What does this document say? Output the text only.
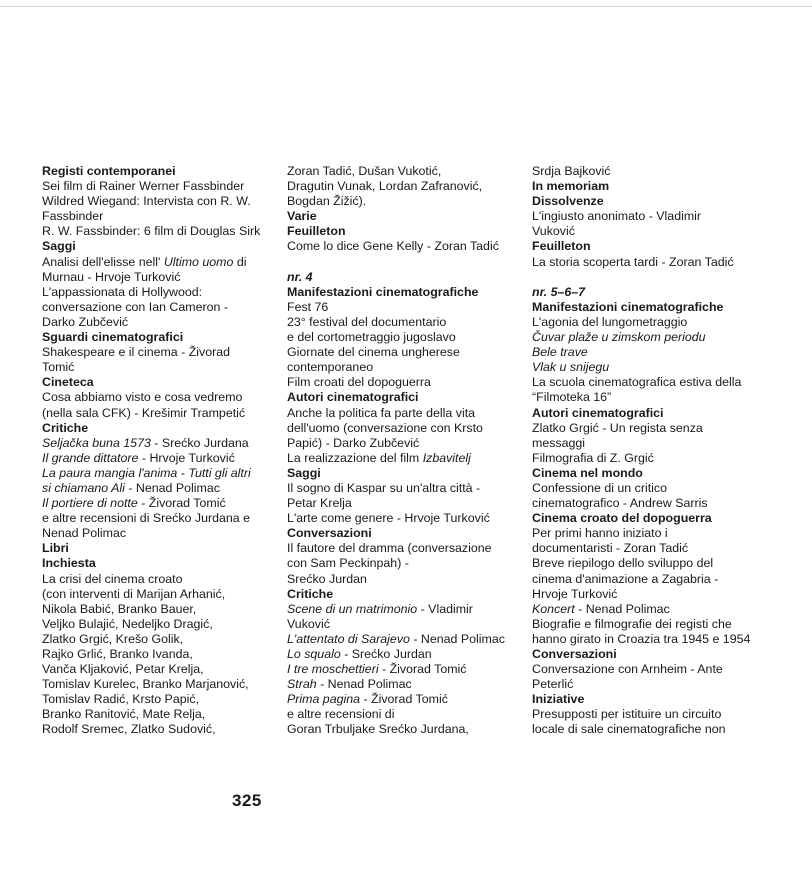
Registi contemporanei
Sei film di Rainer Werner Fassbinder
Wildred Wiegand: Intervista con R. W.
Fassbinder
R. W. Fassbinder: 6 film di Douglas Sirk
Saggi
Analisi dell'elisse nell' Ultimo uomo di
Murnau - Hrvoje Turković
L'appassionata di Hollywood:
conversazione con Ian Cameron -
Darko Zubčević
Sguardi cinematografici
Shakespeare e il cinema - Živorad
Tomić
Cineteca
Cosa abbiamo visto e cosa vedremo
(nella sala CFK) - Krešimir Trampetić
Critiche
Seljačka buna 1573 - Srećko Jurdana
Il grande dittatore - Hrvoje Turković
La paura mangia l'anima - Tutti gli altri
si chiamano Ali - Nenad Polimac
Il portiere di notte - Živorad Tomić
e altre recensioni di Srećko Jurdana e
Nenad Polimac
Libri
Inchiesta
La crisi del cinema croato
(con interventi di Marijan Arhanić,
Nikola Babić, Branko Bauer,
Veljko Bulajić, Nedeljko Dragić,
Zlatko Grgić, Krešo Golik,
Rajko Grlić, Branko Ivanda,
Vanča Kljaković, Petar Krelja,
Tomislav Kurelec, Branko Marjanović,
Tomislav Radić, Krsto Papić,
Branko Ranitović, Mate Relja,
Rodolf Sremec, Zlatko Sudović,
Zoran Tadić, Dušan Vukotić,
Dragutin Vunak, Lordan Zafranović,
Bogdan Žižić).
Varie
Feuilleton
Come lo dice Gene Kelly - Zoran Tadić
nr. 4
Manifestazioni cinematografiche
Fest 76
23° festival del documentario
e del cortometraggio jugoslavo
Giornate del cinema ungherese
contemporaneo
Film croati del dopoguerra
Autori cinematografici
Anche la politica fa parte della vita
dell'uomo (conversazione con Krsto
Papić) - Darko Zubčević
La realizzazione del film Izbavitelj
Saggi
Il sogno di Kaspar su un'altra città -
Petar Krelja
L'arte come genere - Hrvoje Turković
Conversazioni
Il fautore del dramma (conversazione
con Sam Peckinpah) -
Srećko Jurdan
Critiche
Scene di un matrimonio - Vladimir
Vuković
L'attentato di Sarajevo - Nenad Polimac
Lo squalo - Srećko Jurdan
I tre moschettieri - Živorad Tomić
Strah - Nenad Polimac
Prima pagina - Živorad Tomić
e altre recensioni di
Goran Trbuljake Srećko Jurdana,
Srdja Bajković
In memoriam
Dissolvenze
L'ingiusto anonimato - Vladimir
Vuković
Feuilleton
La storia scoperta tardi - Zoran Tadić
nr. 5–6–7
Manifestazioni cinematografiche
L'agonia del lungometraggio
Čuvar plaže u zimskom periodu
Bele trave
Vlak u snijegu
La scuola cinematografica estiva della
“Filmoteka 16”
Autori cinematografici
Zlatko Grgić - Un regista senza
messaggi
Filmografia di Z. Grgić
Cinema nel mondo
Confessione di un critico
cinematografico - Andrew Sarris
Cinema croato del dopoguerra
Per primi hanno iniziato i
documentaristi - Zoran Tadić
Breve riepilogo dello sviluppo del
cinema d'animazione a Zagabria -
Hrvoje Turković
Koncert - Nenad Polimac
Biografie e filmografie dei registi che
hanno girato in Croazia tra 1945 e 1954
Conversazioni
Conversazione con Arnheim - Ante
Peterlić
Iniziative
Presupposti per istituire un circuito
locale di sale cinematografiche non
325
